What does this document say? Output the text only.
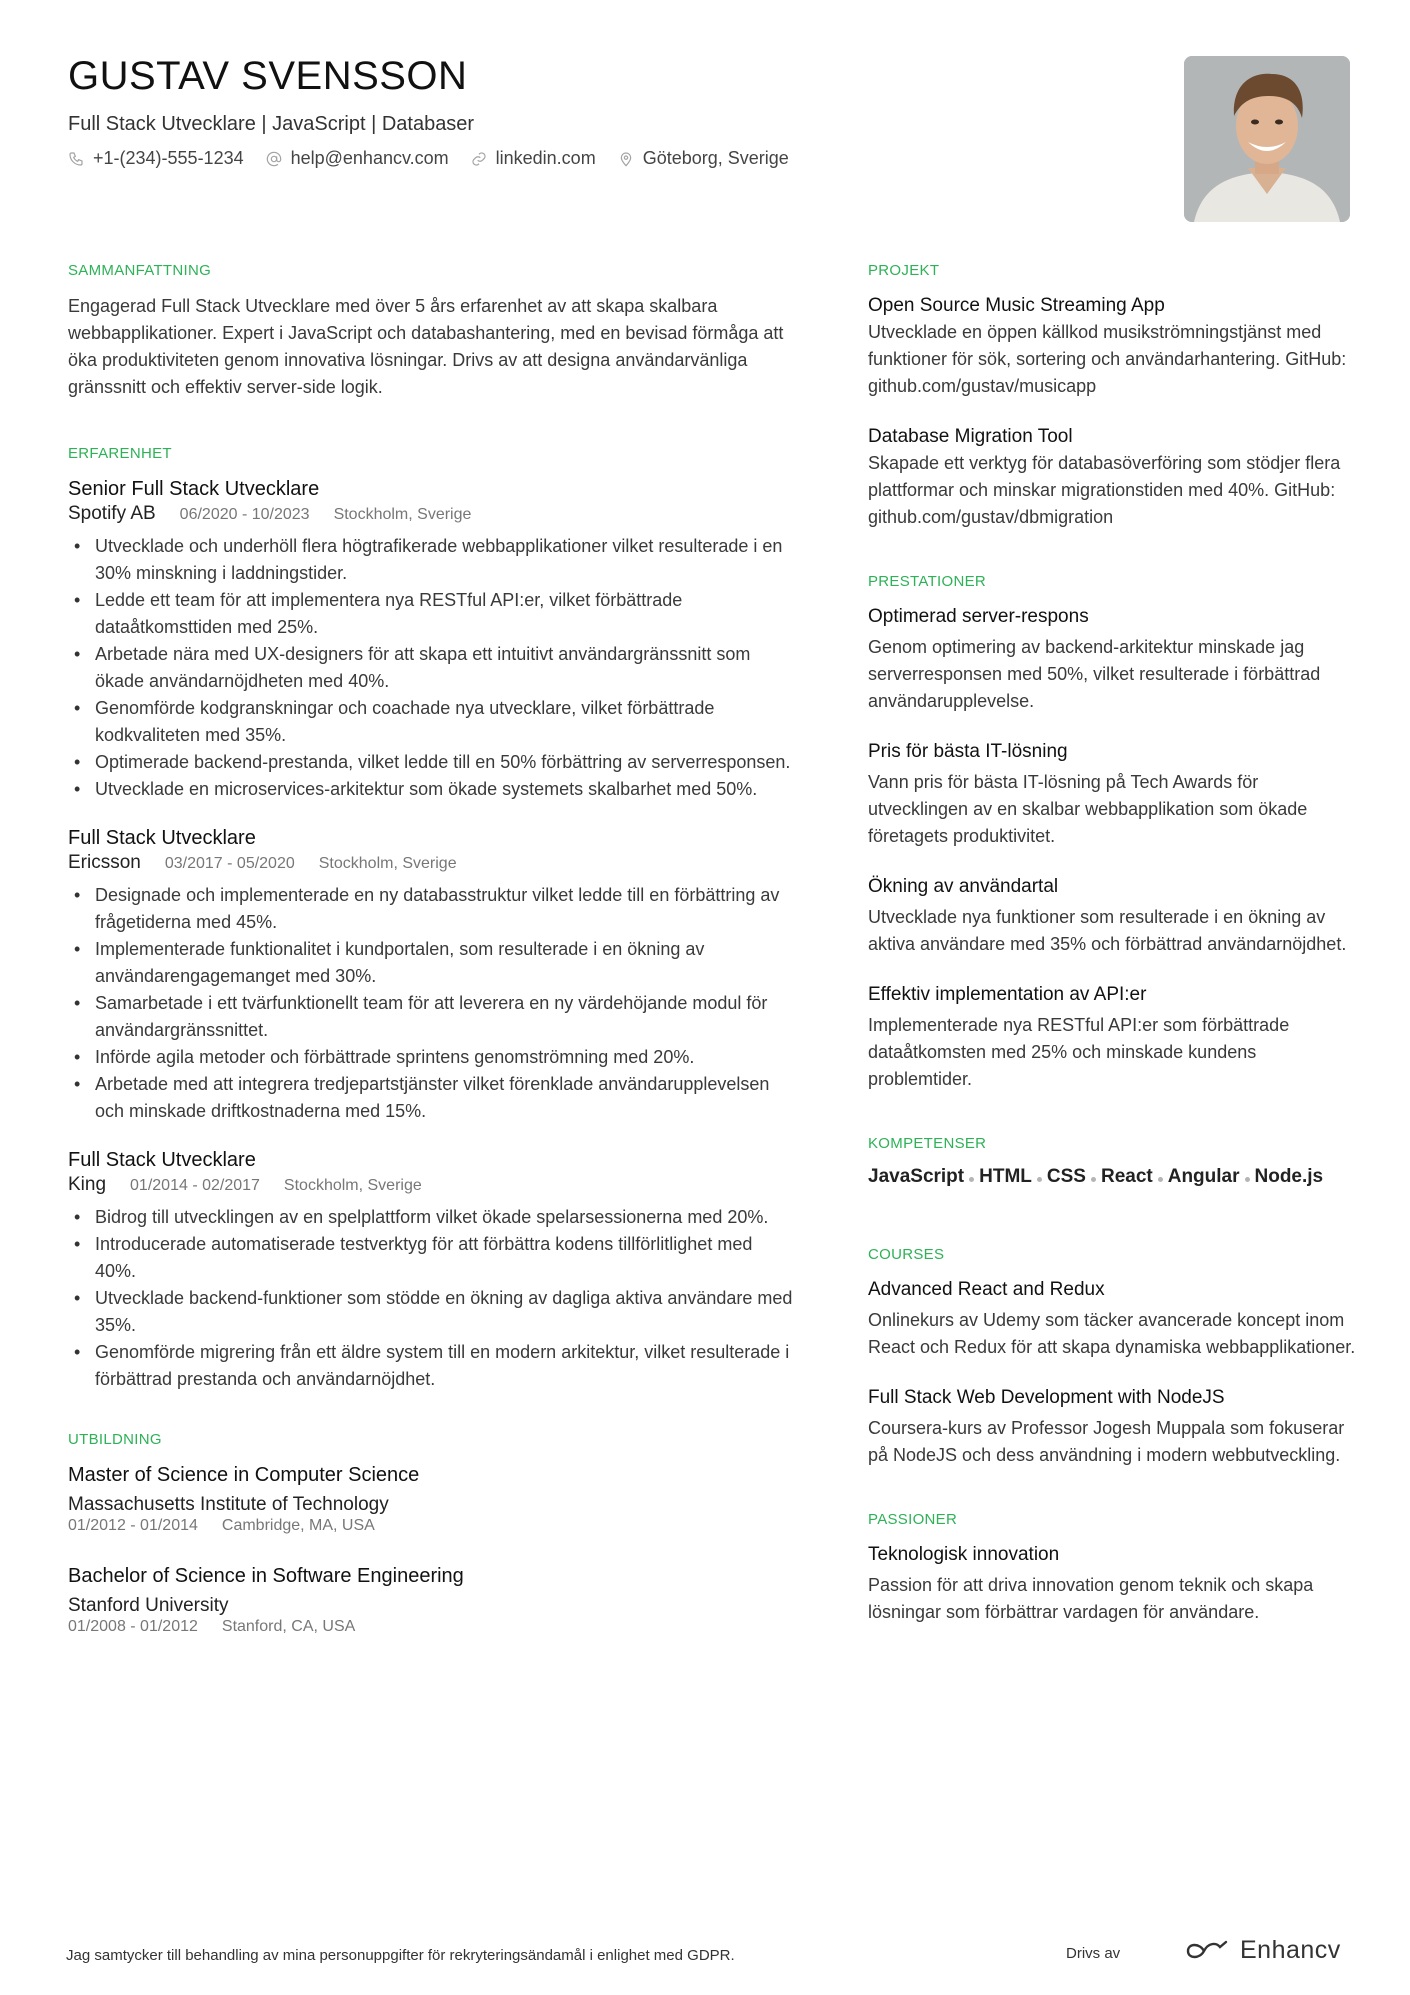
GUSTAV SVENSSON
Full Stack Utvecklare | JavaScript | Databaser
+1-(234)-555-1234	help@enhancv.com	linkedin.com	Göteborg, Sverige
SAMMANFATTNING
Engagerad Full Stack Utvecklare med över 5 års erfarenhet av att skapa skalbara webbapplikationer. Expert i JavaScript och databashantering, med en bevisad förmåga att öka produktiviteten genom innovativa lösningar. Drivs av att designa användarvänliga gränssnitt och effektiv server-side logik.
ERFARENHET
Senior Full Stack Utvecklare
Spotify AB 06/2020 - 10/2023 Stockholm, Sverige
• Utvecklade och underhöll flera högtrafikerade webbapplikationer vilket resulterade i en 30% minskning i laddningstider.
• Ledde ett team för att implementera nya RESTful API:er, vilket förbättrade dataåtkomsttiden med 25%.
• Arbetade nära med UX-designers för att skapa ett intuitivt användargränssnitt som ökade användarnöjdheten med 40%.
• Genomförde kodgranskningar och coachade nya utvecklare, vilket förbättrade kodkvaliteten med 35%.
• Optimerade backend-prestanda, vilket ledde till en 50% förbättring av serverresponsen.
• Utvecklade en microservices-arkitektur som ökade systemets skalbarhet med 50%.
Full Stack Utvecklare
Ericsson 03/2017 - 05/2020 Stockholm, Sverige
• Designade och implementerade en ny databasstruktur vilket ledde till en förbättring av frågetiderna med 45%.
• Implementerade funktionalitet i kundportalen, som resulterade i en ökning av användarengagemanget med 30%.
• Samarbetade i ett tvärfunktionellt team för att leverera en ny värdehöjande modul för användargränssnittet.
• Införde agila metoder och förbättrade sprintens genomströmning med 20%.
• Arbetade med att integrera tredjepartstjänster vilket förenklade användarupplevelsen och minskade driftkostnaderna med 15%.
Full Stack Utvecklare
King 01/2014 - 02/2017 Stockholm, Sverige
• Bidrog till utvecklingen av en spelplattform vilket ökade spelarsessionerna med 20%.
• Introducerade automatiserade testverktyg för att förbättra kodens tillförlitlighet med 40%.
• Utvecklade backend-funktioner som stödde en ökning av dagliga aktiva användare med 35%.
• Genomförde migrering från ett äldre system till en modern arkitektur, vilket resulterade i förbättrad prestanda och användarnöjdhet.
UTBILDNING
Master of Science in Computer Science
Massachusetts Institute of Technology
01/2012 - 01/2014 Cambridge, MA, USA
Bachelor of Science in Software Engineering
Stanford University
01/2008 - 01/2012 Stanford, CA, USA
PROJEKT
Open Source Music Streaming App
Utvecklade en öppen källkod musikströmningstjänst med funktioner för sök, sortering och användarhantering. GitHub: github.com/gustav/musicapp
Database Migration Tool
Skapade ett verktyg för databasöverföring som stödjer flera plattformar och minskar migrationstiden med 40%. GitHub: github.com/gustav/dbmigration
PRESTATIONER
Optimerad server-respons
Genom optimering av backend-arkitektur minskade jag serverresponsen med 50%, vilket resulterade i förbättrad användarupplevelse.
Pris för bästa IT-lösning
Vann pris för bästa IT-lösning på Tech Awards för utvecklingen av en skalbar webbapplikation som ökade företagets produktivitet.
Ökning av användartal
Utvecklade nya funktioner som resulterade i en ökning av aktiva användare med 35% och förbättrad användarnöjdhet.
Effektiv implementation av API:er
Implementerade nya RESTful API:er som förbättrade dataåtkomsten med 25% och minskade kundens problemtider.
KOMPETENSER
JavaScript HTML CSS React Angular Node.js
COURSES
Advanced React and Redux
Onlinekurs av Udemy som täcker avancerade koncept inom React och Redux för att skapa dynamiska webbapplikationer.
Full Stack Web Development with NodeJS
Coursera-kurs av Professor Jogesh Muppala som fokuserar på NodeJS och dess användning i modern webbutveckling.
PASSIONER
Teknologisk innovation
Passion för att driva innovation genom teknik och skapa lösningar som förbättrar vardagen för användare.
Jag samtycker till behandling av mina personuppgifter för rekryteringsändamål i enlighet med GDPR.	Drivs av	Enhancv
